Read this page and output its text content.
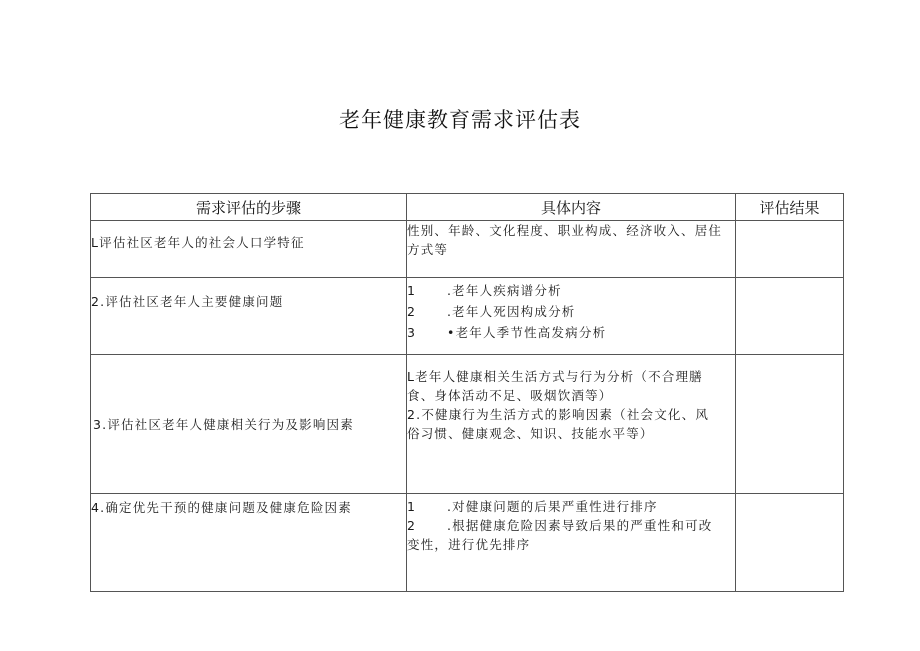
老年健康教育需求评估表
需求评估的步骤	具体内容	评估结果
L评估社区老年人的社会人口学特征	性别、年龄、文化程度、职业构成、经济收入、居住
方式等	

2.评估社区老年人主要健康问题	1 .老年人疾病谱分析
2 .老年人死因构成分析
3 •老年人季节性高发病分析	

3.评估社区老年人健康相关行为及影响因素	L老年人健康相关生活方式与行为分析（不合理膳
食、身体活动不足、吸烟饮酒等）
2.不健康行为生活方式的影响因素（社会文化、风
俗习惯、健康观念、知识、技能水平等）	

4.确定优先干预的健康问题及健康危险因素	1 .对健康问题的后果严重性进行排序
2 .根据健康危险因素导致后果的严重性和可改
变性，进行优先排序	
